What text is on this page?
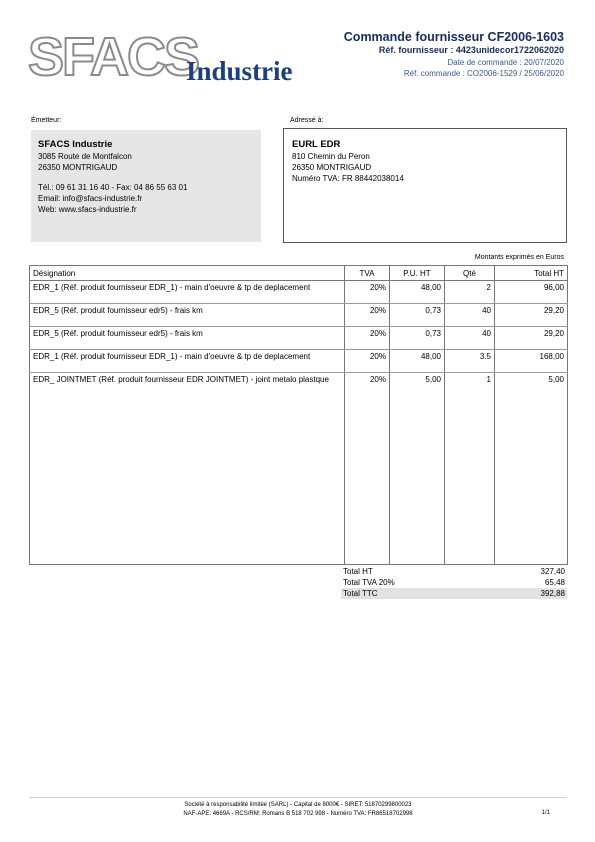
SFACS
Industrie
Commande fournisseur CF2006-1603
Réf. fournisseur : 4423unidecor1722062020
Date de commande : 20/07/2020
Réf. commande : CO2006-1529 / 25/06/2020
Émetteur:	Adressé à:
SFACS Industrie
3085 Route de Montfalcon
26350 MONTRIGAUD
Tél.: 09 61 31 16 40 - Fax: 04 86 55 63 01
Email: info@sfacs-industrie.fr
Web: www.sfacs-industrie.fr
EURL EDR
810 Chemin du Peron
26350 MONTRIGAUD
Numéro TVA: FR 88442038014
Montants exprimés en Euros
Désignation	TVA	P.U. HT	Qté	Total HT
EDR_1 (Réf. produit fournisseur EDR_1) - main d'oeuvre & tp de deplacement	20%	48,00	2	96,00
EDR_5 (Réf. produit fournisseur edr5) - frais km	20%	0,73	40	29,20
EDR_5 (Réf. produit fournisseur edr5) - frais km	20%	0,73	40	29,20
EDR_1 (Réf. produit fournisseur EDR_1) - main d'oeuvre & tp de deplacement	20%	48,00	3.5	168,00
EDR_ JOINTMET (Réf. produit fournisseur EDR JOINTMET) - joint metalo plastque	20%	5,00	1	5,00

Total HT	327,40
Total TVA 20%	65,48
Total TTC	392,88
Société à responsabilité limitée (SARL) - Capital de 8000€ - SIRET: 51870299800023
NAF-APE: 4669A - RCS/RM: Romans B 518 702 998 - Numéro TVA: FR86518702998	1/1
